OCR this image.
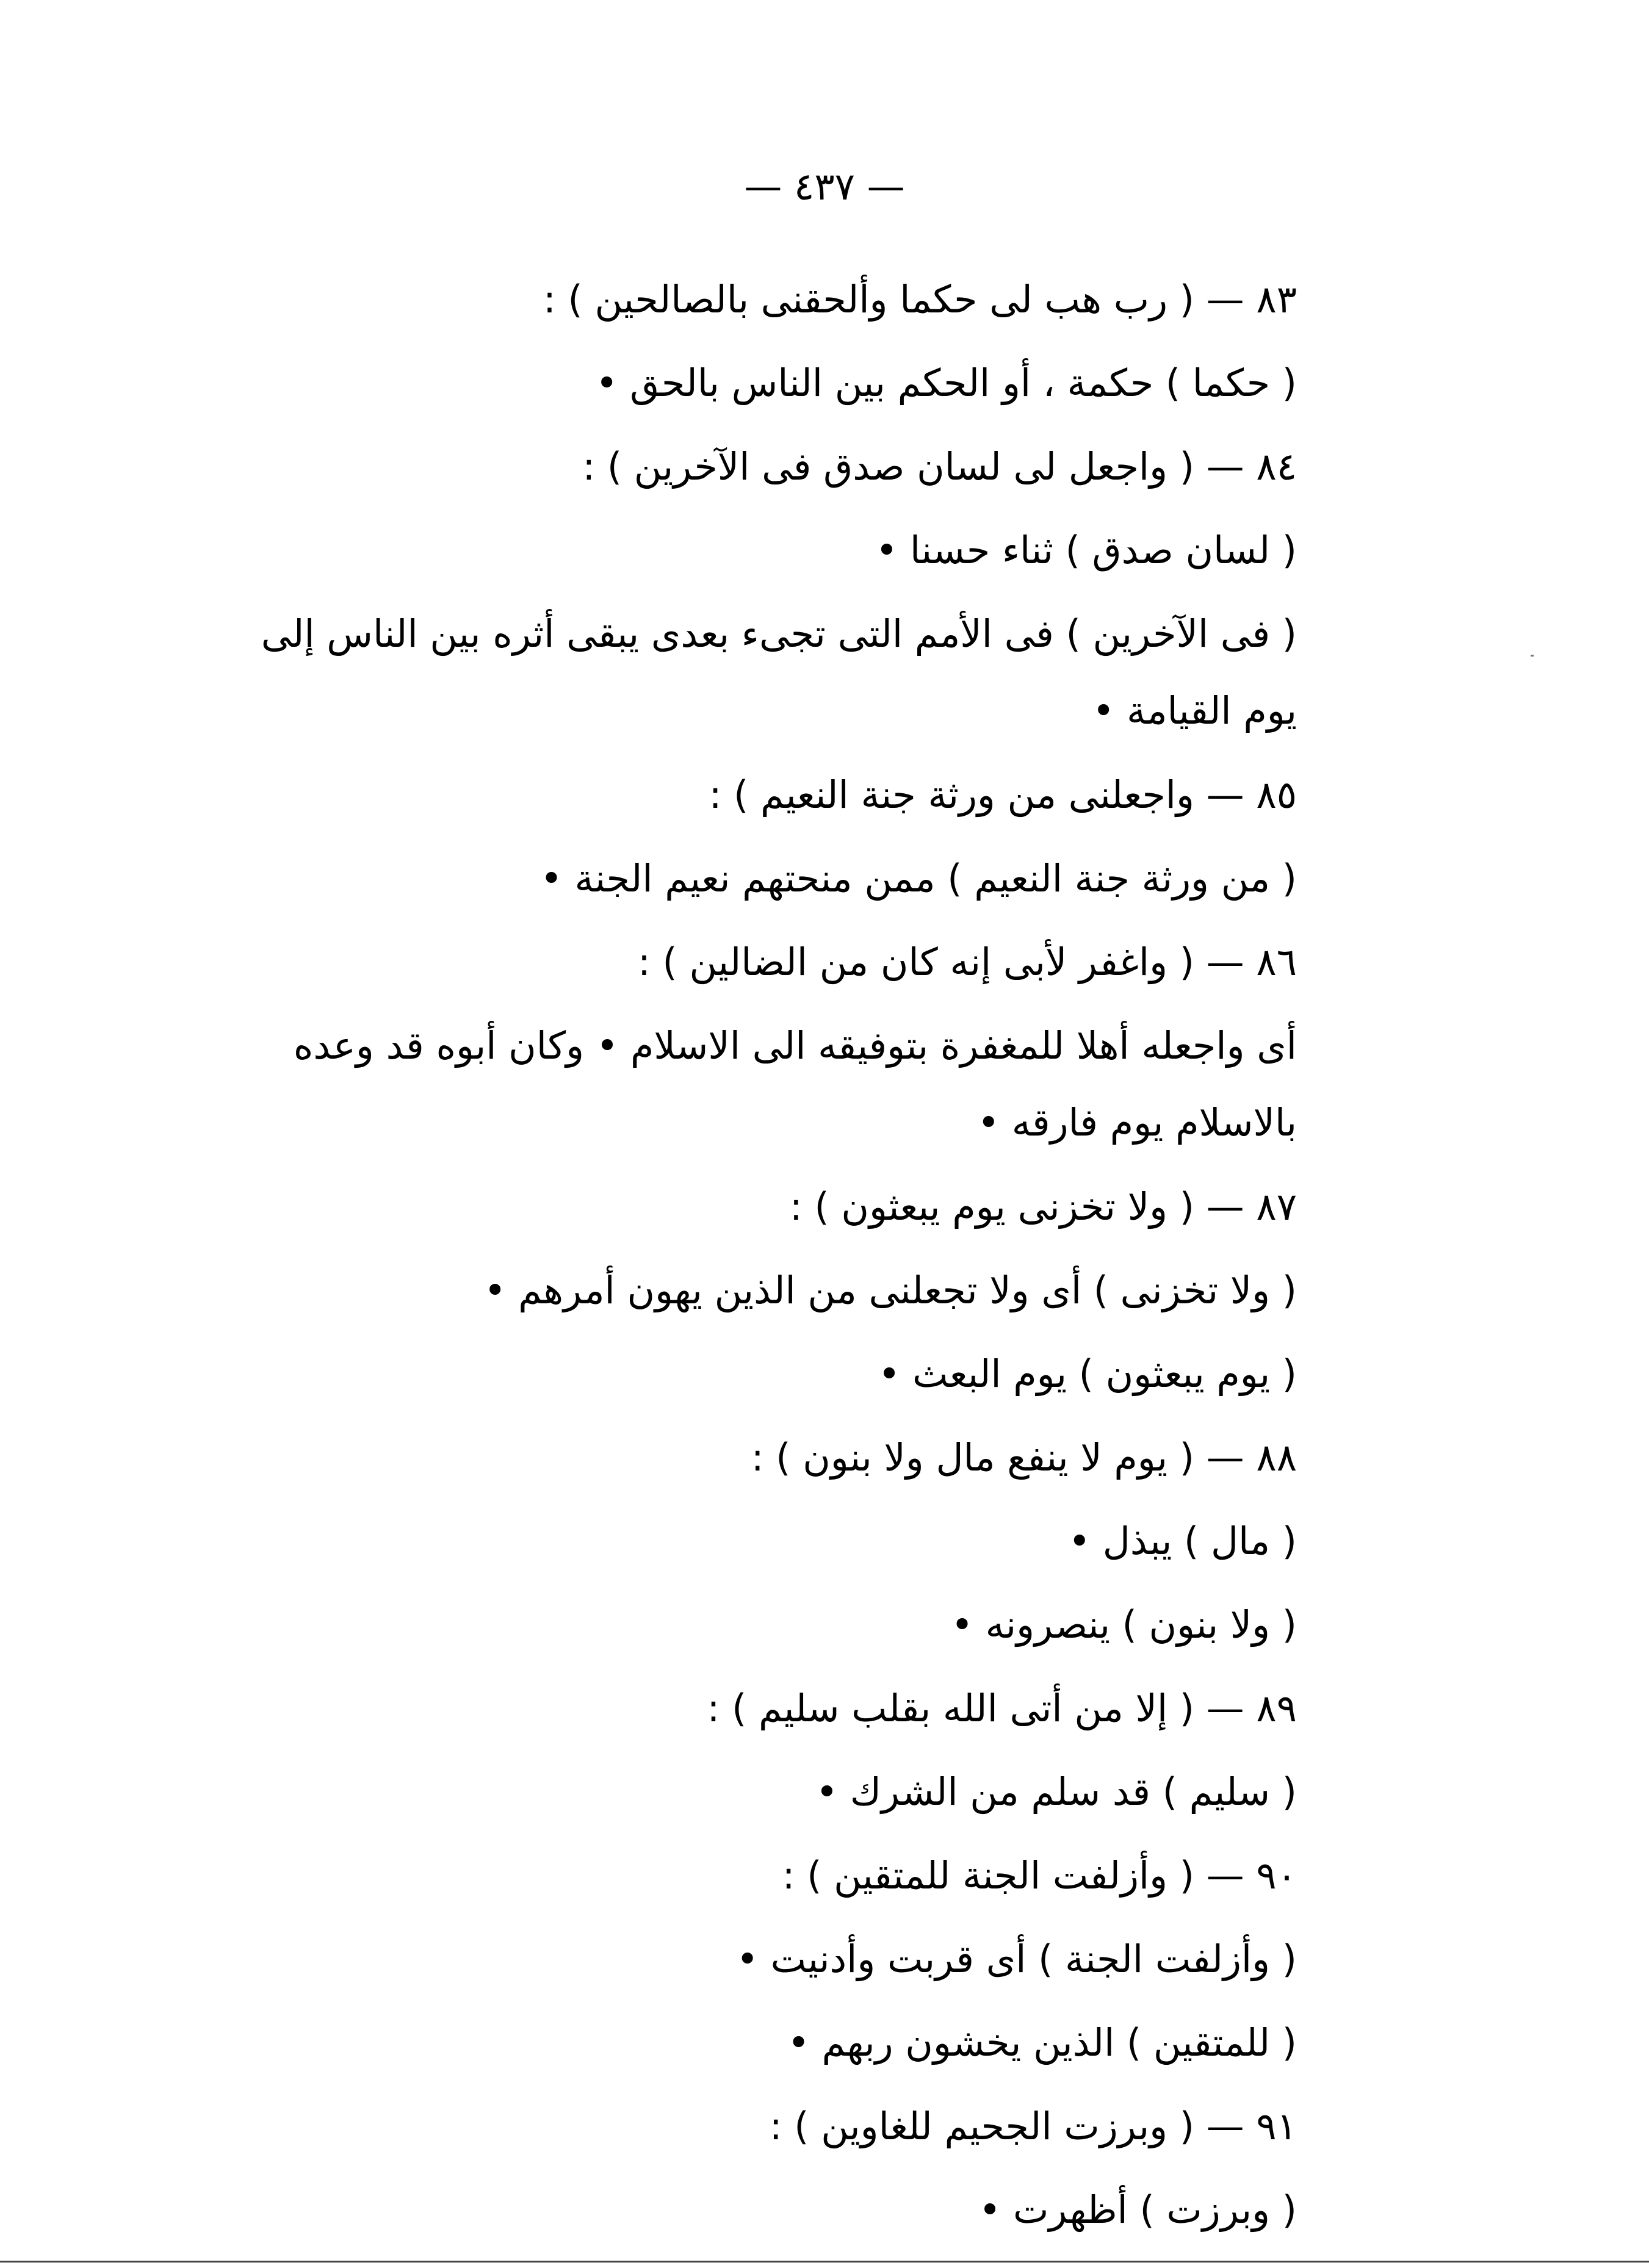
— ٤٣٧ —
٨٣ — ( رب هب لى حكما وألحقنى بالصالحين ) :
( حكما ) حكمة ، أو الحكم بين الناس بالحق •
٨٤ — ( واجعل لى لسان صدق فى الآخرين ) :
( لسان صدق ) ثناء حسنا •
( فى الآخرين ) فى الأمم التى تجىء بعدى يبقى أثره بين الناس إلى يوم القيامة •
٨٥ — واجعلنى من ورثة جنة النعيم ) :
( من ورثة جنة النعيم ) ممن منحتهم نعيم الجنة •
٨٦ — ( واغفر لأبى إنه كان من الضالين ) :
أى واجعله أهلا للمغفرة بتوفيقه الى الاسلام • وكان أبوه قد وعده بالاسلام يوم فارقه •
٨٧ — ( ولا تخزنى يوم يبعثون ) :
( ولا تخزنى ) أى ولا تجعلنى من الذين يهون أمرهم •
( يوم يبعثون ) يوم البعث •
٨٨ — ( يوم لا ينفع مال ولا بنون ) :
( مال ) يبذل •
( ولا بنون ) ينصرونه •
٨٩ — ( إلا من أتى الله بقلب سليم ) :
( سليم ) قد سلم من الشرك •
٩٠ — ( وأزلفت الجنة للمتقين ) :
( وأزلفت الجنة ) أى قربت وأدنيت •
( للمتقين ) الذين يخشون ربهم •
٩١ — ( وبرزت الجحيم للغاوين ) :
( وبرزت ) أظهرت •
